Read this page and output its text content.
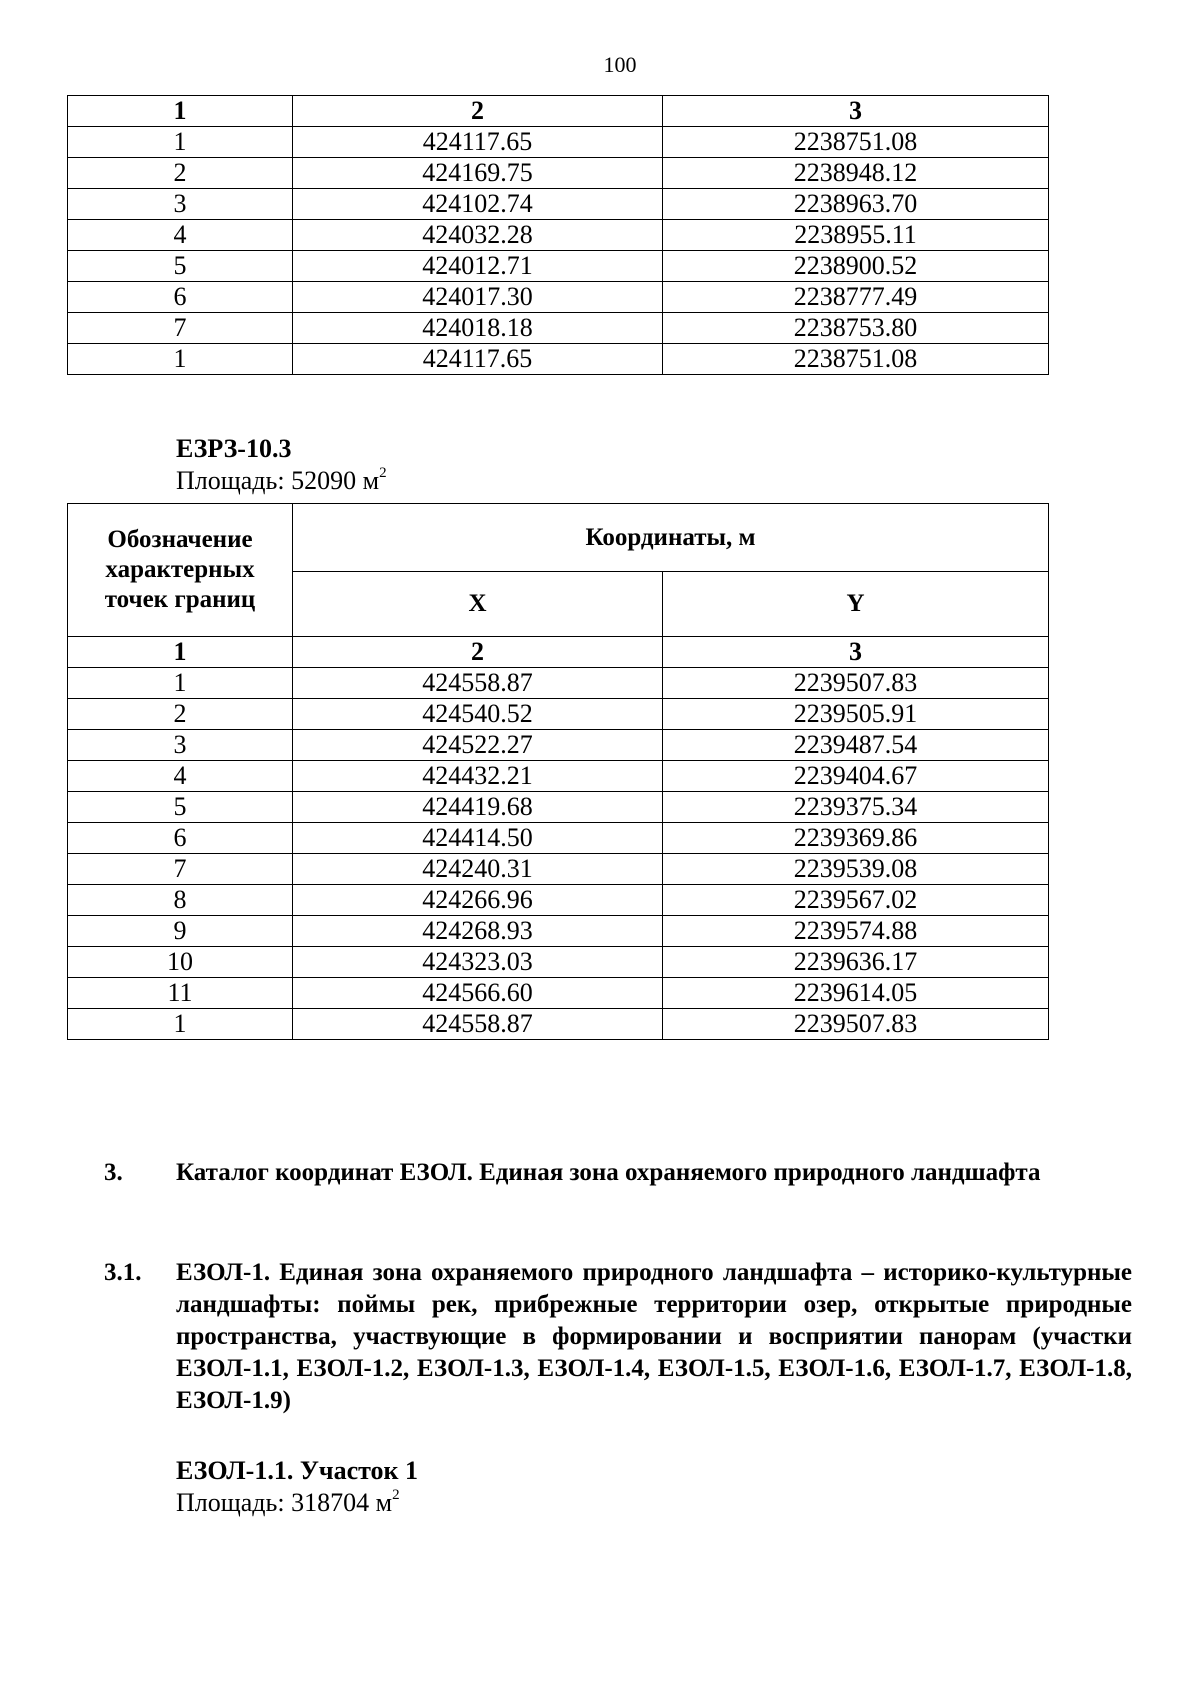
100
1	2	3
1	424117.65	2238751.08
2	424169.75	2238948.12
3	424102.74	2238963.70
4	424032.28	2238955.11
5	424012.71	2238900.52
6	424017.30	2238777.49
7	424018.18	2238753.80
1	424117.65	2238751.08
ЕЗРЗ-10.3
Площадь: 52090 $м^2$
Обозначение характерных точек границ	Координаты, м	
	X	Y
1	2	3
1	424558.87	2239507.83
2	424540.52	2239505.91
3	424522.27	2239487.54
4	424432.21	2239404.67
5	424419.68	2239375.34
6	424414.50	2239369.86
7	424240.31	2239539.08
8	424266.96	2239567.02
9	424268.93	2239574.88
10	424323.03	2239636.17
11	424566.60	2239614.05
1	424558.87	2239507.83
3. Каталог координат ЕЗОЛ. Единая зона охраняемого природного ландшафта
3.1. ЕЗОЛ-1. Единая зона охраняемого природного ландшафта – историко-культурные ландшафты: поймы рек, прибрежные территории озер, открытые природные пространства, участвующие в формировании и восприятии панорам (участки ЕЗОЛ-1.1, ЕЗОЛ-1.2, ЕЗОЛ-1.3, ЕЗОЛ-1.4, ЕЗОЛ-1.5, ЕЗОЛ-1.6, ЕЗОЛ-1.7, ЕЗОЛ-1.8, ЕЗОЛ-1.9)
ЕЗОЛ-1.1. Участок 1
Площадь: 318704 $м^2$
